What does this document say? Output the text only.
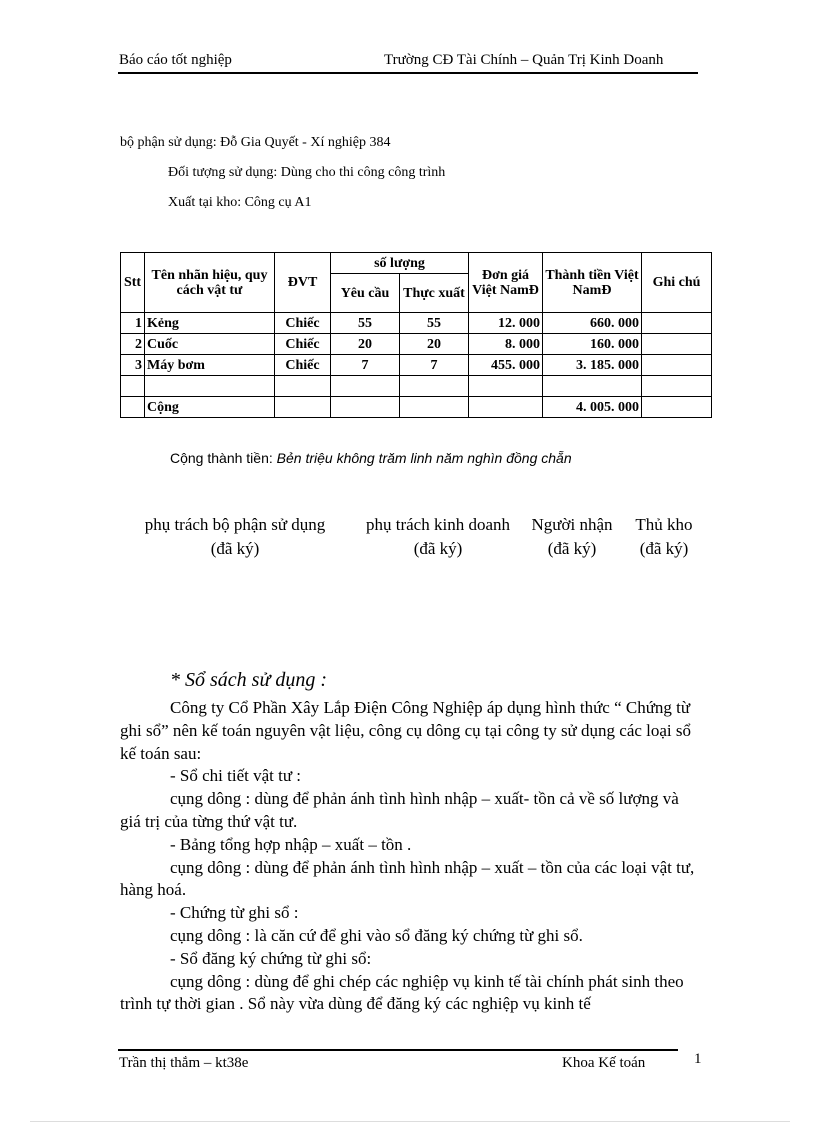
Báo cáo tốt nghiệp	Trường CĐ Tài Chính – Quản Trị Kinh Doanh
bộ phận sử dụng: Đỗ Gia Quyết - Xí nghiệp 384
Đối tượng sử dụng: Dùng cho thi công công trình
Xuất tại kho: Công cụ A1
Stt	Tên nhãn hiệu, quy cách vật tư	ĐVT	số lượng		Đơn giá Việt NamĐ	Thành tiền Việt NamĐ	Ghi chú
			Yêu cầu	Thực xuất			
1	Kẻng	Chiếc	55	55	12. 000	660. 000	
2	Cuốc	Chiếc	20	20	8. 000	160. 000	
3	Máy bơm	Chiếc	7	7	455. 000	3. 185. 000	

	Cộng					4. 005. 000	
Cộng thành tiền: Bẻn triệu không trăm linh năm nghìn đồng chẵn
phụ trách bộ phận sử dụng
(đã ký)
phụ trách kinh doanh
(đã ký)
Người nhận
(đã ký)
Thủ kho
(đã ký)
* Sổ sách sử dụng :
Công ty Cổ Phần Xây Lắp Điện Công Nghiệp áp dụng hình thức “ Chứng từ ghi sổ” nên kế toán nguyên vật liệu, công cụ dông cụ tại công ty sử dụng các loại sổ kế toán sau:
- Sổ chi tiết vật tư :
cụng dông : dùng để phản ánh tình hình nhập – xuất- tồn cả về số lượng và giá trị của từng thứ vật tư.
- Bảng tổng hợp nhập – xuất – tồn .
cụng dông : dùng để phản ánh tình hình nhập – xuất – tồn của các loại vật tư, hàng hoá.
- Chứng từ ghi sổ :
cụng dông : là căn cứ để ghi vào sổ đăng ký chứng từ ghi sổ.
- Sổ đăng ký chứng từ ghi sổ:
cụng dông : dùng để ghi chép các nghiệp vụ kinh tế tài chính phát sinh theo trình tự thời gian . Sổ này vừa dùng để đăng ký các nghiệp vụ kinh tế
Trần thị thắm – kt38e	Khoa Kế toán	1
